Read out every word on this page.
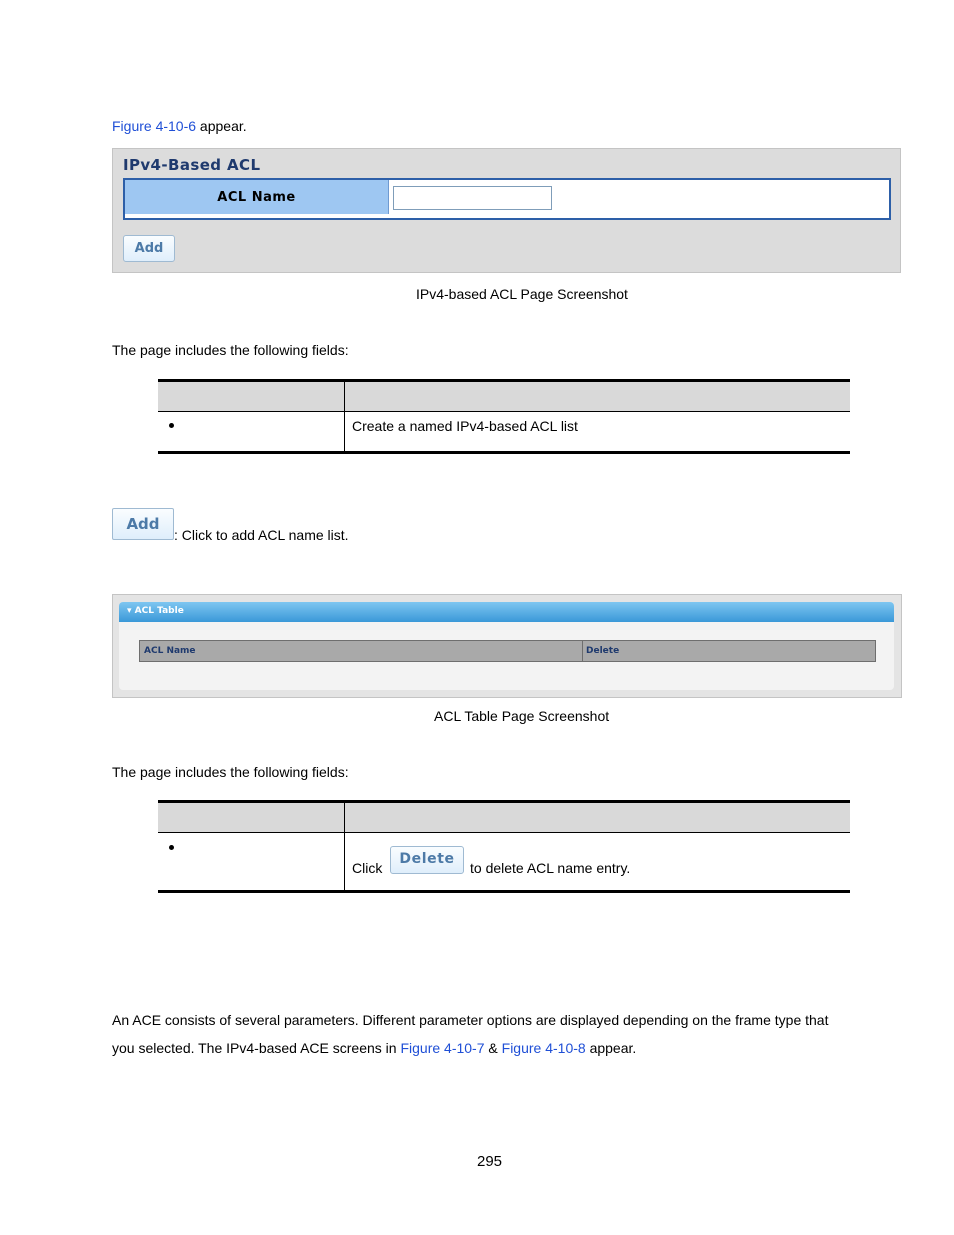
Figure 4-10-6 appear.
IPv4-Based ACL
ACL Name
Add
IPv4-based ACL Page Screenshot
The page includes the following fields:
Create a named IPv4-based ACL list
Add
: Click to add ACL name list.
▾ ACL Table
ACL Name	Delete
ACL Table Page Screenshot
The page includes the following fields:
Click
Delete
to delete ACL name entry.
An ACE consists of several parameters. Different parameter options are displayed depending on the frame type that
you selected. The IPv4-based ACE screens in Figure 4-10-7 & Figure 4-10-8 appear.
295
